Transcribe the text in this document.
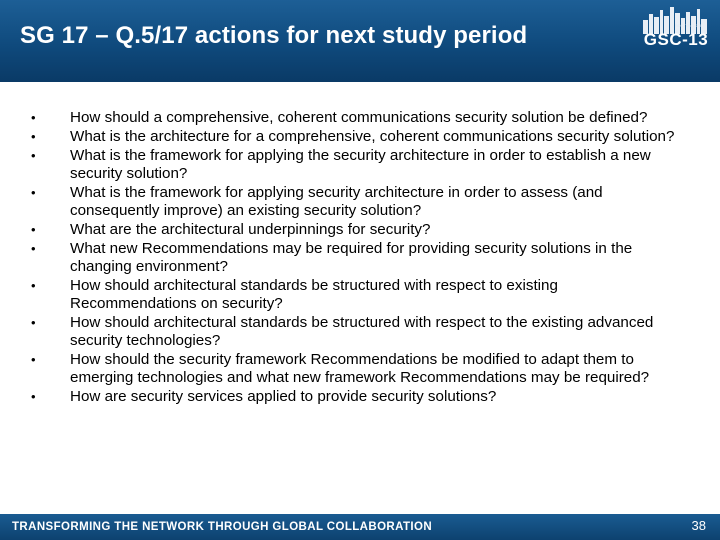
SG 17 – Q.5/17 actions for next study period	BOSTON 2008
GSC-13
•	How should a comprehensive, coherent communications security solution be defined?
•	What is the architecture for a comprehensive, coherent communications security solution?
•	What is the framework for applying the security architecture in order to establish a new security solution?
•	What is the framework for applying security architecture in order to assess (and consequently improve) an existing security solution?
•	What are the architectural underpinnings for security?
•	What new Recommendations may be required for providing security solutions in the changing environment?
•	How should architectural standards be structured with respect to existing Recommendations on security?
•	How should architectural standards be structured with respect to the existing advanced security technologies?
•	How should the security framework Recommendations be modified to adapt them to emerging technologies and what new framework Recommendations may be required?
•	How are security services applied to provide security solutions?
TRANSFORMING THE NETWORK THROUGH GLOBAL COLLABORATION	38
